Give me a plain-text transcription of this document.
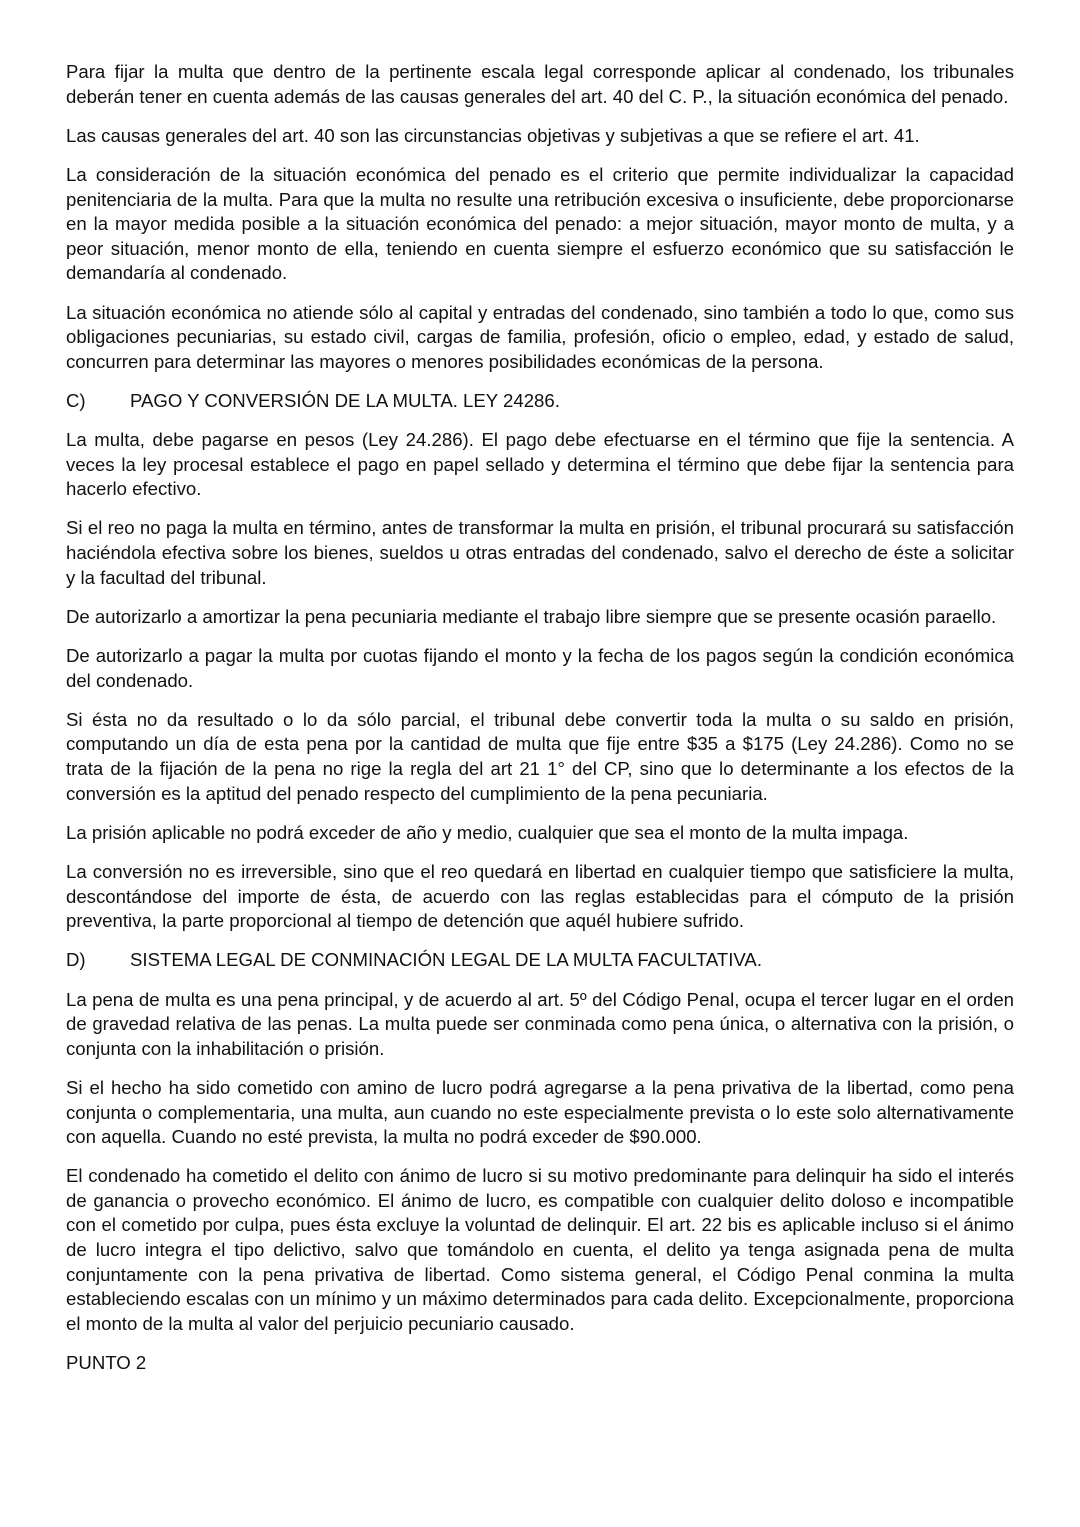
Para fijar la multa que dentro de la pertinente escala legal corresponde aplicar al condenado, los tribunales deberán tener en cuenta además de las causas generales del art. 40 del C. P., la situación económica del penado.

Las causas generales del art. 40 son las circunstancias objetivas y subjetivas a que se refiere el art. 41.

La consideración de la situación económica del penado es el criterio que permite individualizar la capacidad penitenciaria de la multa. Para que la multa no resulte una retribución excesiva o insuficiente, debe proporcionarse en la mayor medida posible a la situación económica del penado: a mejor situación, mayor monto de multa, y a peor situación, menor monto de ella, teniendo en cuenta siempre el esfuerzo económico que su satisfacción le demandaría al condenado.

La situación económica no atiende sólo al capital y entradas del condenado, sino también a todo lo que, como sus obligaciones pecuniarias, su estado civil, cargas de familia, profesión, oficio o empleo, edad, y estado de salud, concurren para determinar las mayores o menores posibilidades económicas de la persona.

C)	PAGO Y CONVERSIÓN DE LA MULTA. LEY 24286.

La multa, debe pagarse en pesos (Ley 24.286). El pago debe efectuarse en el término que fije la sentencia. A veces la ley procesal establece el pago en papel sellado y determina el término que debe fijar la sentencia para hacerlo efectivo.

Si el reo no paga la multa en término, antes de transformar la multa en prisión, el tribunal procurará su satisfacción haciéndola efectiva sobre los bienes, sueldos u otras entradas del condenado, salvo el derecho de éste a solicitar y la facultad del tribunal.

De autorizarlo a amortizar la pena pecuniaria mediante el trabajo libre siempre que se presente ocasión paraello.

De autorizarlo a pagar la multa por cuotas fijando el monto y la fecha de los pagos según la condición económica del condenado.

Si ésta no da resultado o lo da sólo parcial, el tribunal debe convertir toda la multa o su saldo en prisión, computando un día de esta pena por la cantidad de multa que fije entre $35 a $175 (Ley 24.286). Como no se trata de la fijación de la pena no rige la regla del art 21 1° del CP, sino que lo determinante a los efectos de la conversión es la aptitud del penado respecto del cumplimiento de la pena pecuniaria.

La prisión aplicable no podrá exceder de año y medio, cualquier que sea el monto de la multa impaga.

La conversión no es irreversible, sino que el reo quedará en libertad en cualquier tiempo que satisficiere la multa, descontándose del importe de ésta, de acuerdo con las reglas establecidas para el cómputo de la prisión preventiva, la parte proporcional al tiempo de detención que aquél hubiere sufrido.

D)	SISTEMA LEGAL DE CONMINACIÓN LEGAL DE LA MULTA FACULTATIVA.

La pena de multa es una pena principal, y de acuerdo al art. 5º del Código Penal, ocupa el tercer lugar en el orden de gravedad relativa de las penas. La multa puede ser conminada como pena única, o alternativa con la prisión, o conjunta con la inhabilitación o prisión.

Si el hecho ha sido cometido con amino de lucro podrá agregarse a la pena privativa de la libertad, como pena conjunta o complementaria, una multa, aun cuando no este especialmente prevista o lo este solo alternativamente con aquella. Cuando no esté prevista, la multa no podrá exceder de $90.000.

El condenado ha cometido el delito con ánimo de lucro si su motivo predominante para delinquir ha sido el interés de ganancia o provecho económico. El ánimo de lucro, es compatible con cualquier delito doloso e incompatible con el cometido por culpa, pues ésta excluye la voluntad de delinquir. El art. 22 bis es aplicable incluso si el ánimo de lucro integra el tipo delictivo, salvo que tomándolo en cuenta, el delito ya tenga asignada pena de multa conjuntamente con la pena privativa de libertad. Como sistema general, el Código Penal conmina la multa estableciendo escalas con un mínimo y un máximo determinados para cada delito. Excepcionalmente, proporciona el monto de la multa al valor del perjuicio pecuniario causado.

PUNTO 2
